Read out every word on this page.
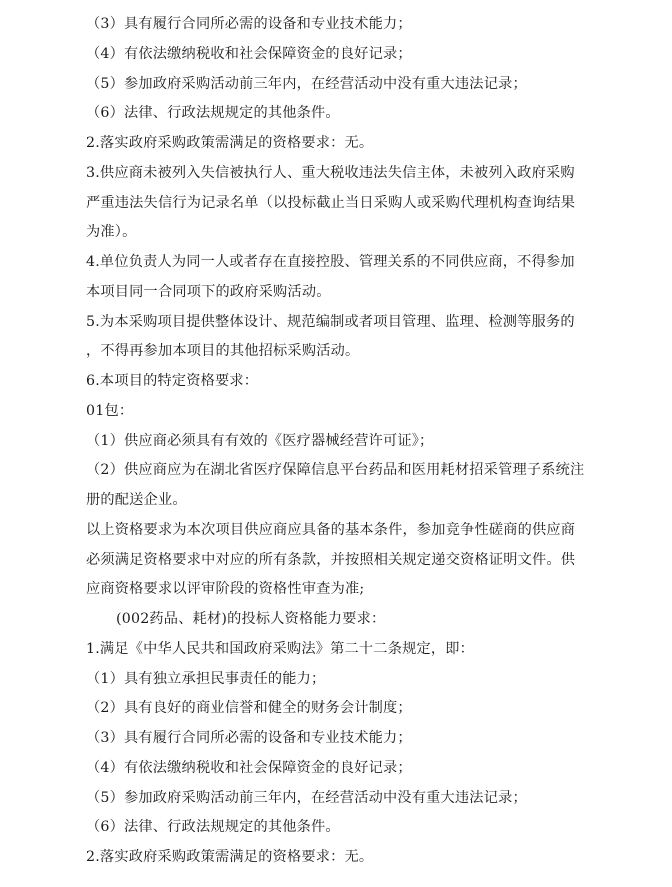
（3）具有履行合同所必需的设备和专业技术能力；
（4）有依法缴纳税收和社会保障资金的良好记录；
（5）参加政府采购活动前三年内，在经营活动中没有重大违法记录；
（6）法律、行政法规规定的其他条件。
2.落实政府采购政策需满足的资格要求：无。
3.供应商未被列入失信被执行人、重大税收违法失信主体，未被列入政府采购
严重违法失信行为记录名单（以投标截止当日采购人或采购代理机构查询结果
为准）。
4.单位负责人为同一人或者存在直接控股、管理关系的不同供应商，不得参加
本项目同一合同项下的政府采购活动。
5.为本采购项目提供整体设计、规范编制或者项目管理、监理、检测等服务的
，不得再参加本项目的其他招标采购活动。
6.本项目的特定资格要求：
01包：
（1）供应商必须具有有效的《医疗器械经营许可证》；
（2）供应商应为在湖北省医疗保障信息平台药品和医用耗材招采管理子系统注
册的配送企业。
以上资格要求为本次项目供应商应具备的基本条件，参加竞争性磋商的供应商
必须满足资格要求中对应的所有条款，并按照相关规定递交资格证明文件。供
应商资格要求以评审阶段的资格性审查为准;
(002药品、耗材)的投标人资格能力要求：
1.满足《中华人民共和国政府采购法》第二十二条规定，即：
（1）具有独立承担民事责任的能力；
（2）具有良好的商业信誉和健全的财务会计制度；
（3）具有履行合同所必需的设备和专业技术能力；
（4）有依法缴纳税收和社会保障资金的良好记录；
（5）参加政府采购活动前三年内，在经营活动中没有重大违法记录；
（6）法律、行政法规规定的其他条件。
2.落实政府采购政策需满足的资格要求：无。
